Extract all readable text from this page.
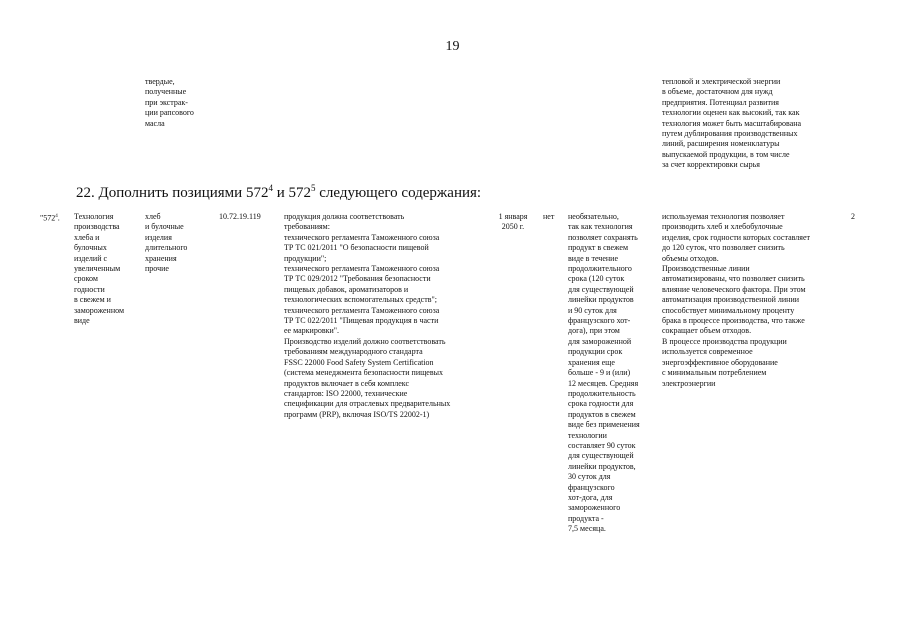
19
твердые,
полученные
при экстрак-
ции рапсового
масла
тепловой и электрической энергии
в объеме, достаточном для нужд
предприятия. Потенциал развития
технологии оценен как высокий, так как
технология может быть масштабирована
путем дублирования производственных
линий, расширения номенклатуры
выпускаемой продукции, в том числе
за счет корректировки сырья
22. Дополнить позициями $572^4$ и $572^5$ следующего содержания:
"$572^4$. Технология
производства
хлеба и
булочных
изделий с
увеличенным
сроком
годности
в свежем и
замороженном
виде
хлеб
и булочные
изделия
длительного
хранения
прочие
10.72.19.119	продукция должна соответствовать
требованиям:
технического регламента Таможенного союза
ТР ТС 021/2011 "О безопасности пищевой
продукции";
технического регламента Таможенного союза
ТР ТС 029/2012 "Требования безопасности
пищевых добавок, ароматизаторов и
технологических вспомогательных средств";
технического регламента Таможенного союза
ТР ТС 022/2011 "Пищевая продукция в части
ее маркировки".
Производство изделий должно соответствовать
требованиям международного стандарта
FSSC 22000 Food Safety System Certification
(система менеджмента безопасности пищевых
продуктов включает в себя комплекс
стандартов: ISO 22000, технические
спецификации для отраслевых предварительных
программ (PRP), включая ISO/TS 22002-1)
1 января
2050 г.
нет	необязательно,
так как технология
позволяет сохранять
продукт в свежем
виде в течение
продолжительного
срока (120 суток
для существующей
линейки продуктов
и 90 суток для
французского хот-
дога), при этом
для замороженной
продукции срок
хранения еще
больше - 9 и (или)
12 месяцев. Средняя
продолжительность
срока годности для
продуктов в свежем
виде без применения
технологии
составляет 90 суток
для существующей
линейки продуктов,
30 суток для
французского
хот-дога, для
замороженного
продукта -
7,5 месяца.
используемая технология позволяет
производить хлеб и хлебобулочные
изделия, срок годности которых составляет
до 120 суток, что позволяет снизить
объемы отходов.
Производственные линии
автоматизированы, что позволяет снизить
влияние человеческого фактора. При этом
автоматизация производственной линии
способствует минимальному проценту
брака в процессе производства, что также
сокращает объем отходов.
В процессе производства продукции
используется современное
энергоэффективное оборудование
с минимальным потреблением
электроэнергии
2
